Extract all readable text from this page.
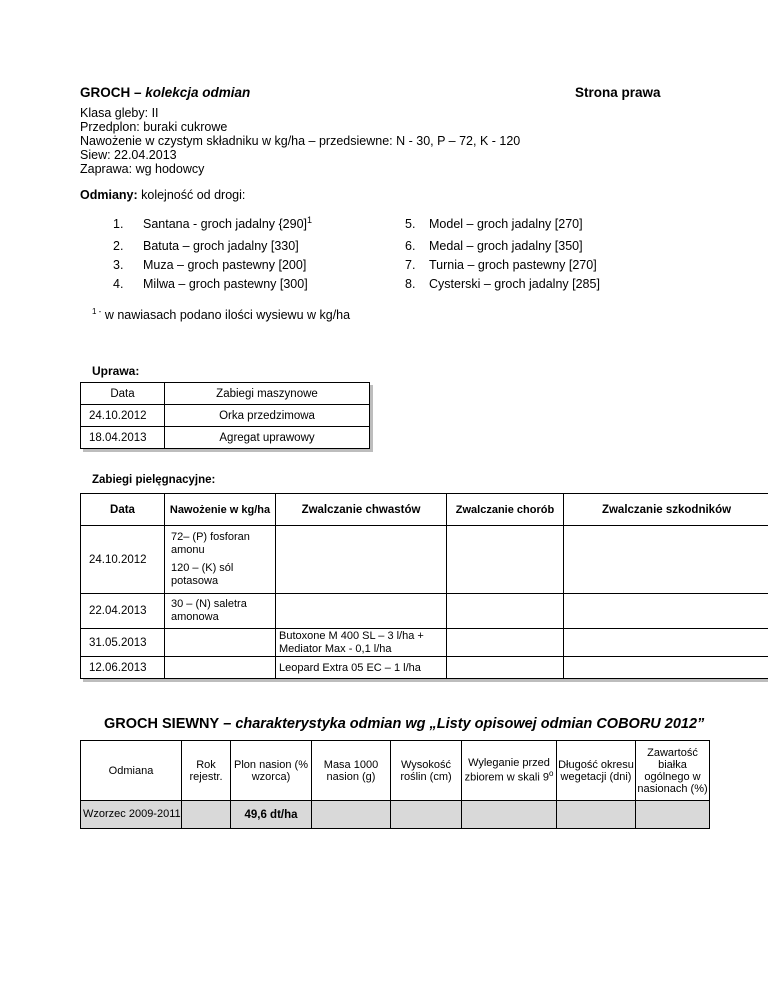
GROCH – kolekcja odmian	Strona prawa
Klasa gleby: II
Przedplon: buraki cukrowe
Nawożenie w czystym składniku w kg/ha – przedsiewne: N - 30, P – 72, K - 120
Siew: 22.04.2013
Zaprawa: wg hodowcy
Odmiany: kolejność od drogi:
1. Santana - groch jadalny {290]$^1$
2. Batuta – groch jadalny [330]
3. Muza – groch pastewny [200]
4. Milwa – groch pastewny [300]
5. Model – groch jadalny [270]
6. Medal – groch jadalny [350]
7. Turnia – groch pastewny [270]
8. Cysterski – groch jadalny [285]
$^{1 -}$ w nawiasach podano ilości wysiewu w kg/ha
Uprawa:
Data	Zabiegi maszynowe
24.10.2012	Orka przedzimowa
18.04.2013	Agregat uprawowy
Zabiegi pielęgnacyjne:
Data	Nawożenie w kg/ha	Zwalczanie chwastów	Zwalczanie chorób	Zwalczanie szkodników
24.10.2012	72– (P) fosforan amonu
120 – (K) sól potasowa			

22.04.2013	30 – (N) saletra amonowa			
31.05.2013		Butoxone M 400 SL – 3 l/ha + Mediator Max - 0,1 l/ha		
12.06.2013		Leopard Extra 05 EC – 1 l/ha		
GROCH SIEWNY – charakterystyka odmian wg „Listy opisowej odmian COBORU 2012”
Odmiana	Rok rejestr.	Plon nasion (% wzorca)	Masa 1000 nasion (g)	Wysokość roślin (cm)	Wyleganie przed zbiorem w skali 9$^o$	Długość okresu wegetacji (dni)	Zawartość białka ogólnego w nasionach (%)
Wzorzec 2009-2011		49,6 dt/ha					
